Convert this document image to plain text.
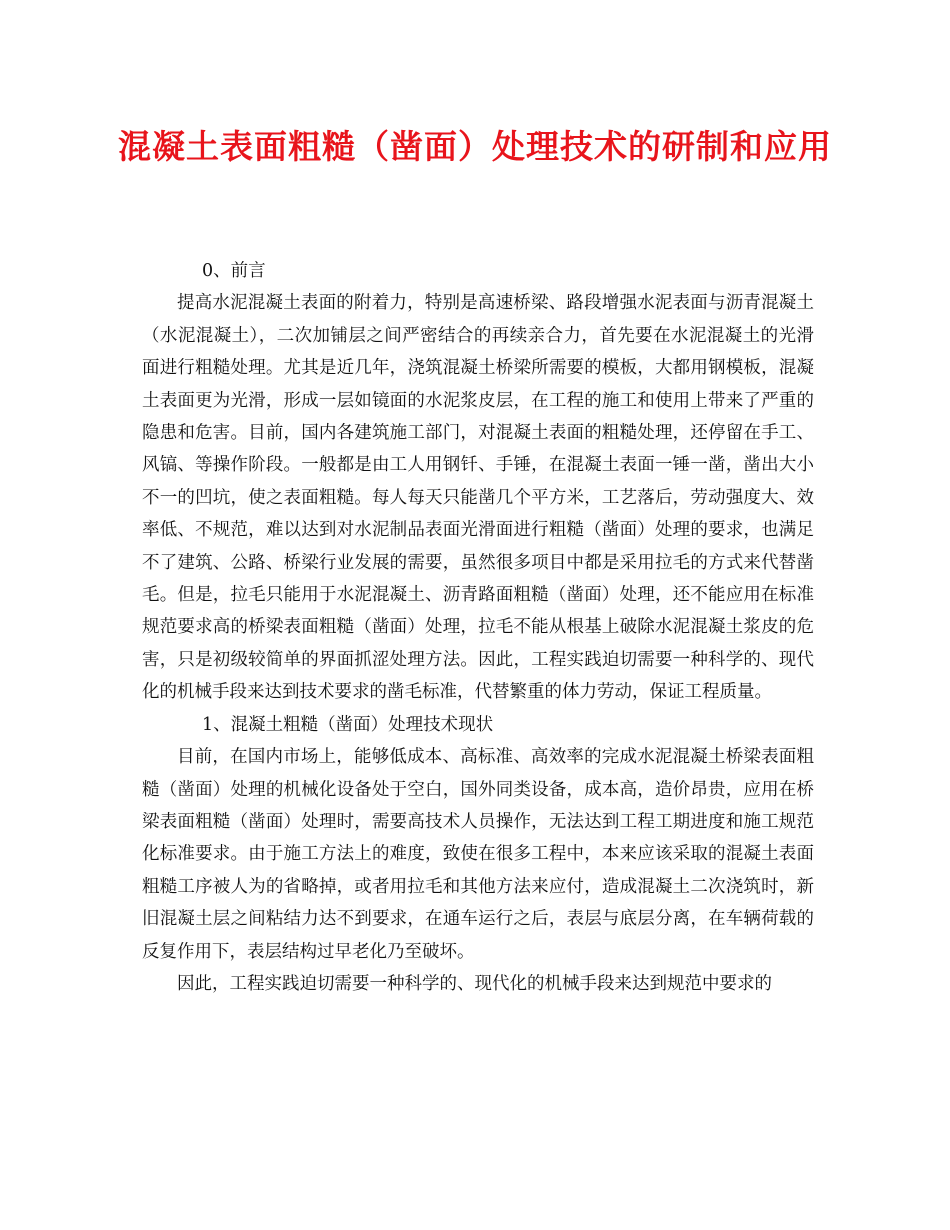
混凝土表面粗糙（凿面）处理技术的研制和应用

0、前言

提高水泥混凝土表面的附着力，特别是高速桥梁、路段增强水泥表面与沥青混凝土（水泥混凝土），二次加铺层之间严密结合的再续亲合力，首先要在水泥混凝土的光滑面进行粗糙处理。尤其是近几年，浇筑混凝土桥梁所需要的模板，大都用钢模板，混凝土表面更为光滑，形成一层如镜面的水泥浆皮层，在工程的施工和使用上带来了严重的隐患和危害。目前，国内各建筑施工部门，对混凝土表面的粗糙处理，还停留在手工、风镐、等操作阶段。一般都是由工人用钢钎、手锤，在混凝土表面一锤一凿，凿出大小不一的凹坑，使之表面粗糙。每人每天只能凿几个平方米，工艺落后，劳动强度大、效率低、不规范，难以达到对水泥制品表面光滑面进行粗糙（凿面）处理的要求，也满足不了建筑、公路、桥梁行业发展的需要，虽然很多项目中都是采用拉毛的方式来代替凿毛。但是，拉毛只能用于水泥混凝土、沥青路面粗糙（凿面）处理，还不能应用在标准规范要求高的桥梁表面粗糙（凿面）处理，拉毛不能从根基上破除水泥混凝土浆皮的危害，只是初级较简单的界面抓涩处理方法。因此，工程实践迫切需要一种科学的、现代化的机械手段来达到技术要求的凿毛标准，代替繁重的体力劳动，保证工程质量。

1、混凝土粗糙（凿面）处理技术现状

目前，在国内市场上，能够低成本、高标准、高效率的完成水泥混凝土桥梁表面粗糙（凿面）处理的机械化设备处于空白，国外同类设备，成本高，造价昂贵，应用在桥梁表面粗糙（凿面）处理时，需要高技术人员操作，无法达到工程工期进度和施工规范化标准要求。由于施工方法上的难度，致使在很多工程中，本来应该采取的混凝土表面粗糙工序被人为的省略掉，或者用拉毛和其他方法来应付，造成混凝土二次浇筑时，新旧混凝土层之间粘结力达不到要求，在通车运行之后，表层与底层分离，在车辆荷载的反复作用下，表层结构过早老化乃至破坏。

因此，工程实践迫切需要一种科学的、现代化的机械手段来达到规范中要求的
